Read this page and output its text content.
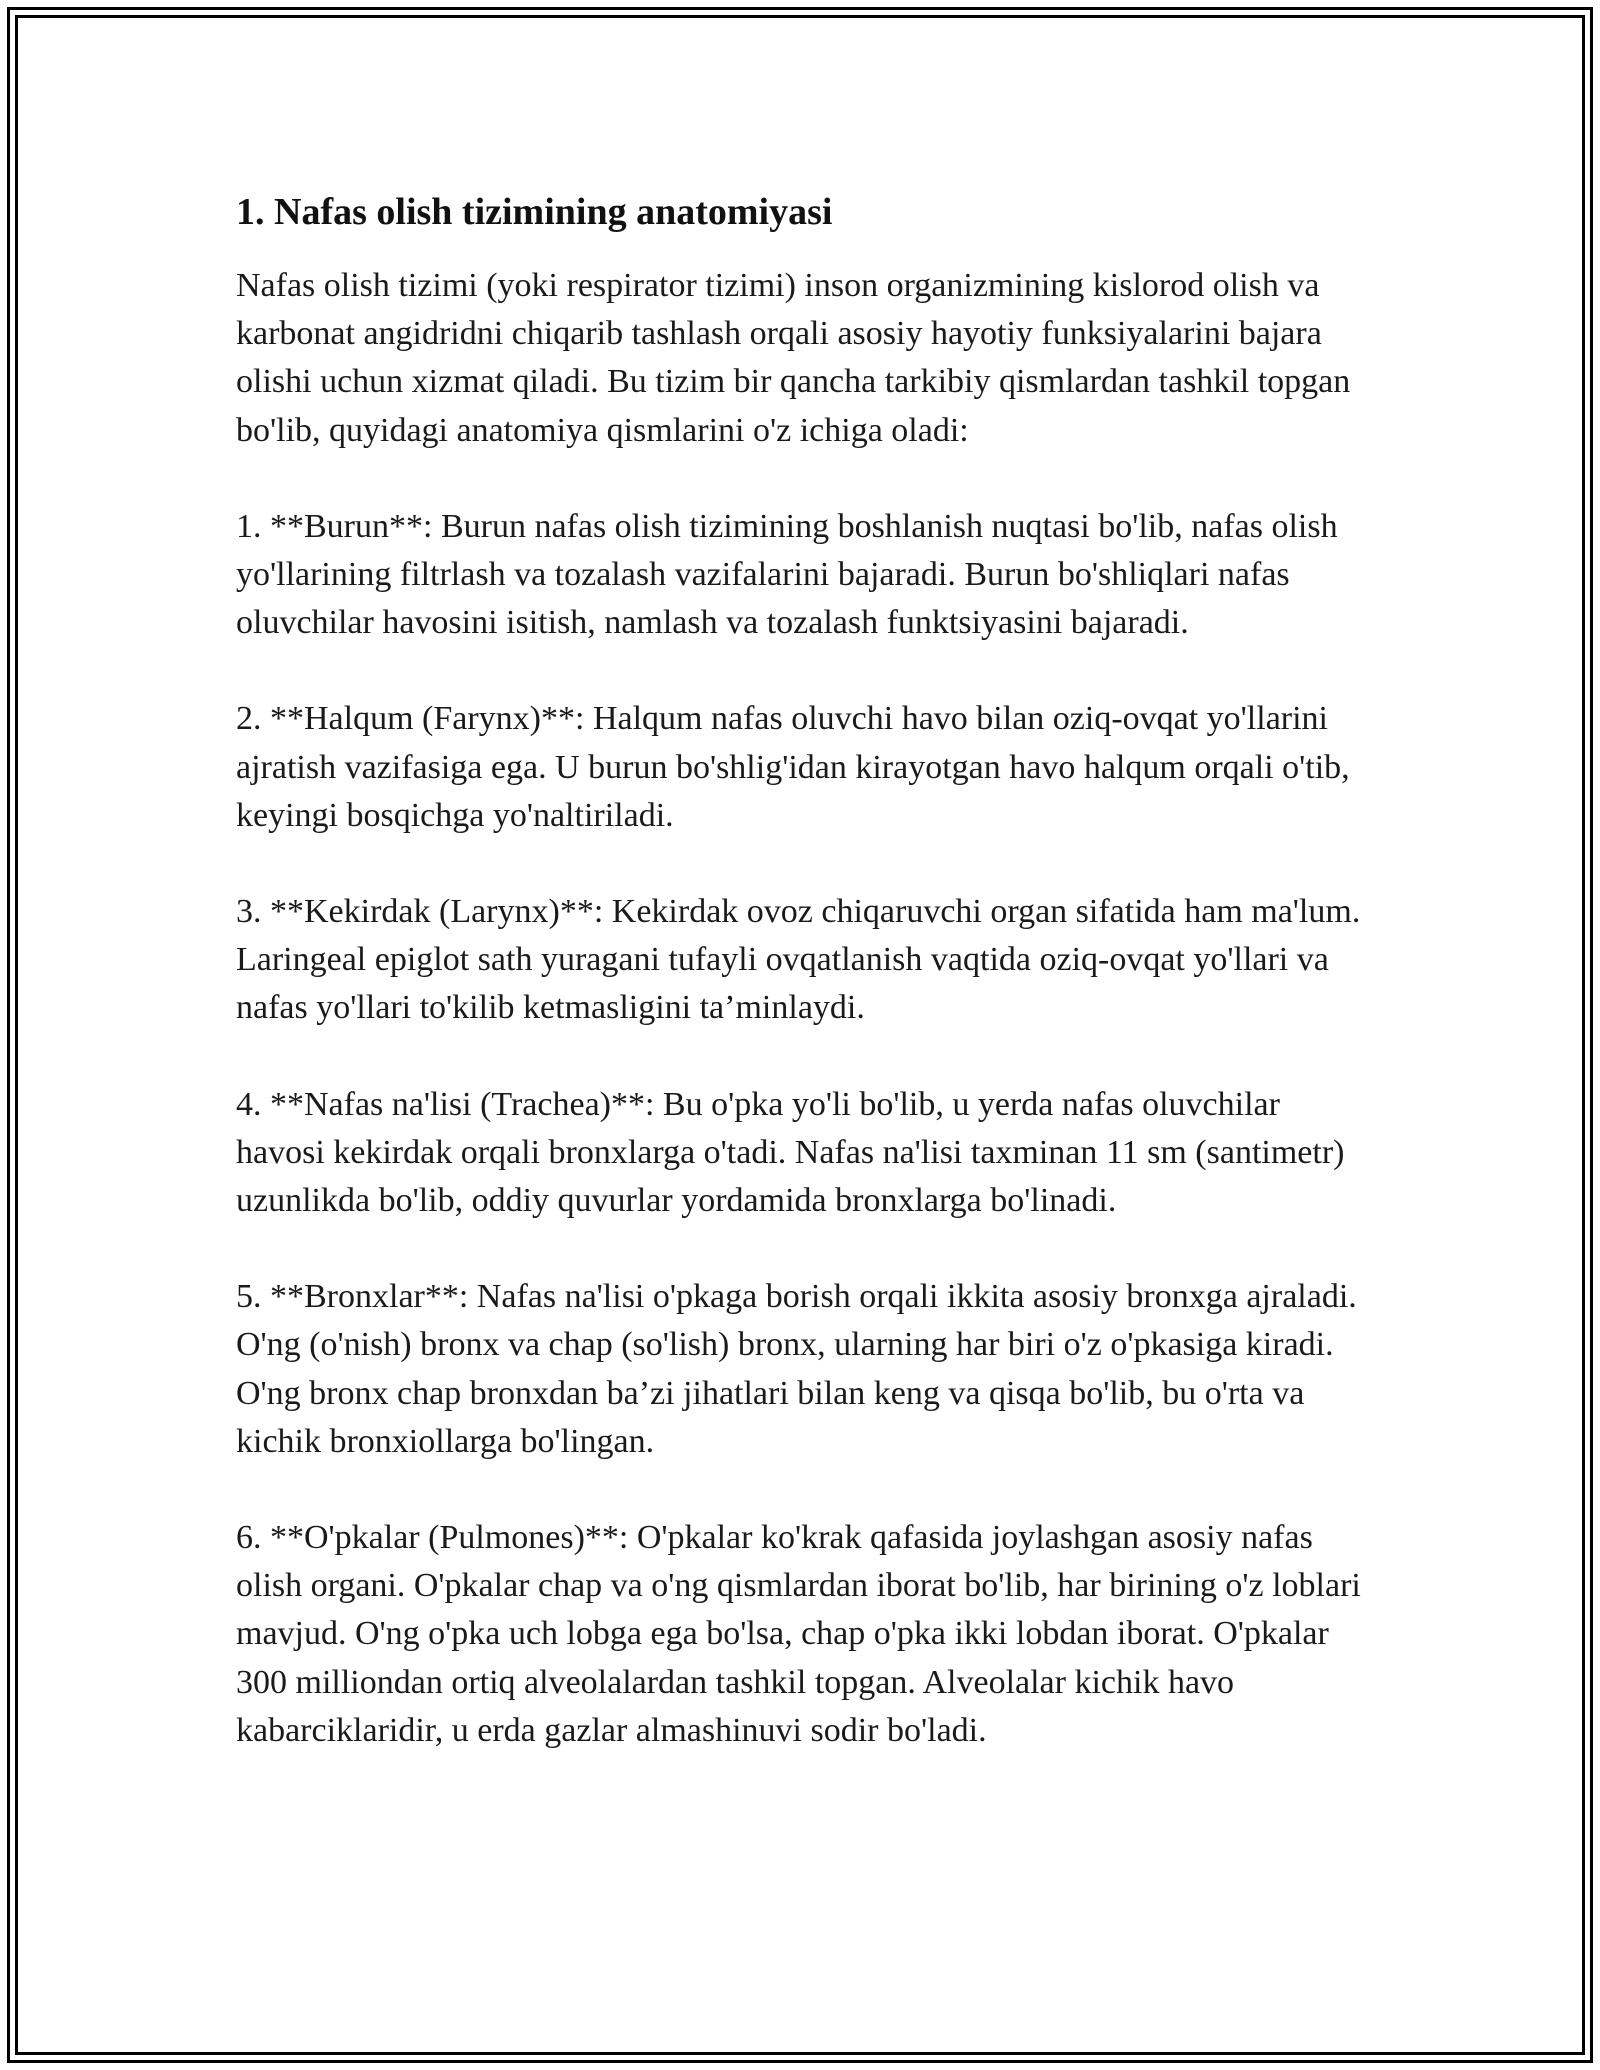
1. Nafas olish tizimining anatomiyasi

Nafas olish tizimi (yoki respirator tizimi) inson organizmining kislorod olish va karbonat angidridni chiqarib tashlash orqali asosiy hayotiy funksiyalarini bajara olishi uchun xizmat qiladi. Bu tizim bir qancha tarkibiy qismlardan tashkil topgan bo'lib, quyidagi anatomiya qismlarini o'z ichiga oladi:

1. **Burun**: Burun nafas olish tizimining boshlanish nuqtasi bo'lib, nafas olish yo'llarining filtrlash va tozalash vazifalarini bajaradi. Burun bo'shliqlari nafas oluvchilar havosini isitish, namlash va tozalash funktsiyasini bajaradi.

2. **Halqum (Farynx)**: Halqum nafas oluvchi havo bilan oziq-ovqat yo'llarini ajratish vazifasiga ega. U burun bo'shlig'idan kirayotgan havo halqum orqali o'tib, keyingi bosqichga yo'naltiriladi.

3. **Kekirdak (Larynx)**: Kekirdak ovoz chiqaruvchi organ sifatida ham ma'lum. Laringeal epiglot sath yuragani tufayli ovqatlanish vaqtida oziq-ovqat yo'llari va nafas yo'llari to'kilib ketmasligini ta’minlaydi.

4. **Nafas na'lisi (Trachea)**: Bu o'pka yo'li bo'lib, u yerda nafas oluvchilar havosi kekirdak orqali bronxlarga o'tadi. Nafas na'lisi taxminan 11 sm (santimetr) uzunlikda bo'lib, oddiy quvurlar yordamida bronxlarga bo'linadi.

5. **Bronxlar**: Nafas na'lisi o'pkaga borish orqali ikkita asosiy bronxga ajraladi. O'ng (o'nish) bronx va chap (so'lish) bronx, ularning har biri o'z o'pkasiga kiradi. O'ng bronx chap bronxdan ba’zi jihatlari bilan keng va qisqa bo'lib, bu o'rta va kichik bronxiollarga bo'lingan.

6. **O'pkalar (Pulmones)**: O'pkalar ko'krak qafasida joylashgan asosiy nafas olish organi. O'pkalar chap va o'ng qismlardan iborat bo'lib, har birining o'z loblari mavjud. O'ng o'pka uch lobga ega bo'lsa, chap o'pka ikki lobdan iborat. O'pkalar 300 milliondan ortiq alveolalardan tashkil topgan. Alveolalar kichik havo kabarciklaridir, u erda gazlar almashinuvi sodir bo'ladi.
